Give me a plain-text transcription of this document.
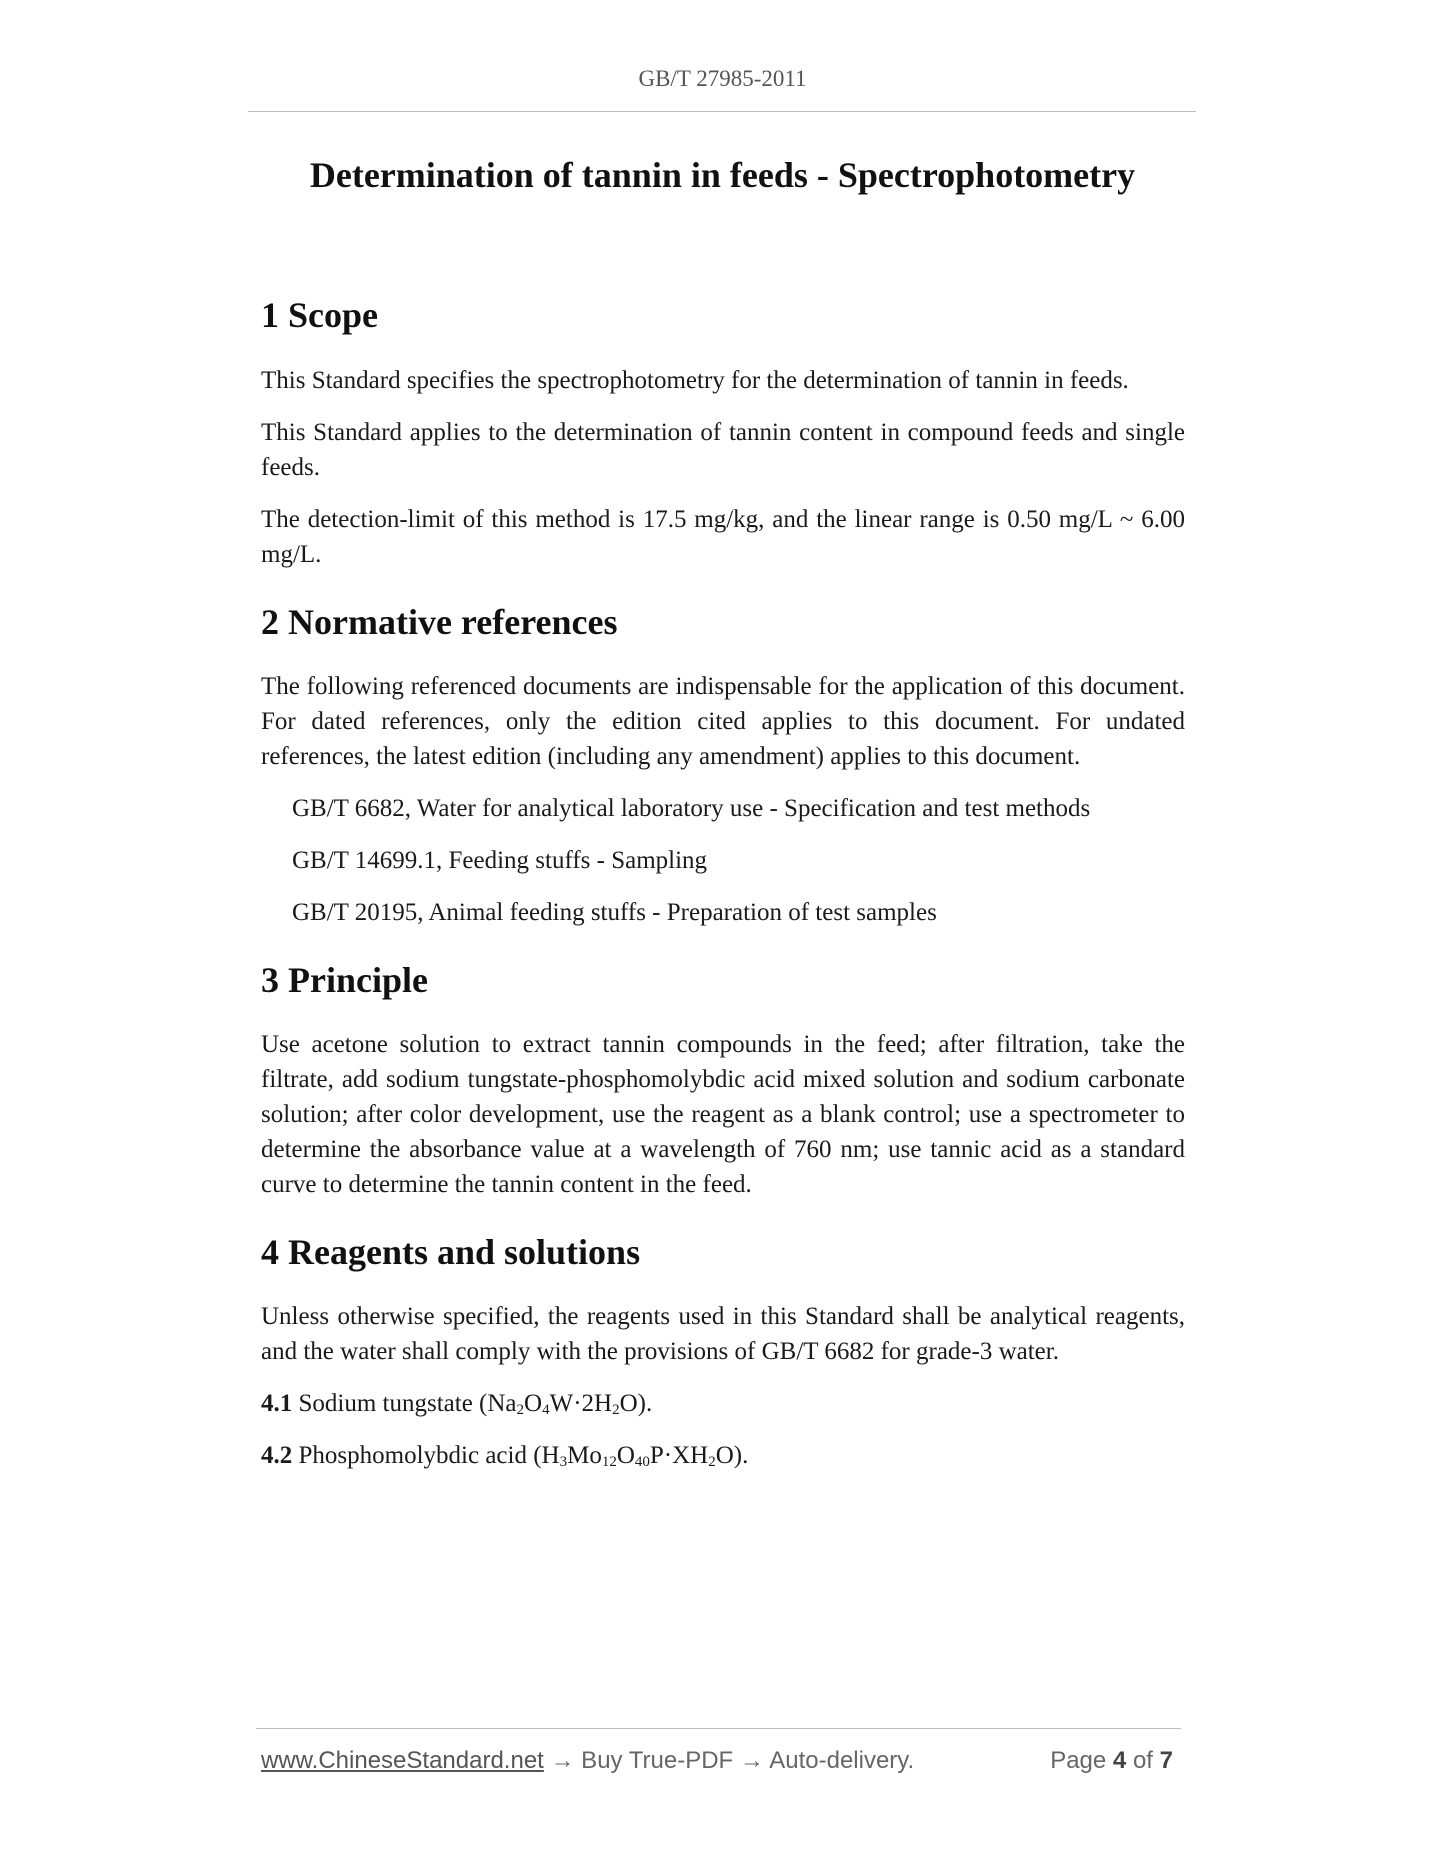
GB/T 27985-2011
Determination of tannin in feeds - Spectrophotometry
1 Scope

This Standard specifies the spectrophotometry for the determination of tannin in feeds.

This Standard applies to the determination of tannin content in compound feeds and single feeds.

The detection-limit of this method is 17.5 mg/kg, and the linear range is 0.50 mg/L ~ 6.00 mg/L.

2 Normative references

The following referenced documents are indispensable for the application of this document. For dated references, only the edition cited applies to this document. For undated references, the latest edition (including any amendment) applies to this document.

GB/T 6682, Water for analytical laboratory use - Specification and test methods

GB/T 14699.1, Feeding stuffs - Sampling

GB/T 20195, Animal feeding stuffs - Preparation of test samples

3 Principle

Use acetone solution to extract tannin compounds in the feed; after filtration, take the filtrate, add sodium tungstate-phosphomolybdic acid mixed solution and sodium carbonate solution; after color development, use the reagent as a blank control; use a spectrometer to determine the absorbance value at a wavelength of 760 nm; use tannic acid as a standard curve to determine the tannin content in the feed.

4 Reagents and solutions

Unless otherwise specified, the reagents used in this Standard shall be analytical reagents, and the water shall comply with the provisions of GB/T 6682 for grade-3 water.

4.1 Sodium tungstate $(Na_2O_4W\cdot 2H_2O)$.

4.2 Phosphomolybdic acid $(H_3Mo_{12}O_{40}P\cdot XH_2O)$.

www.ChineseStandard.net → Buy True-PDF → Auto-delivery.	Page 4 of 7
